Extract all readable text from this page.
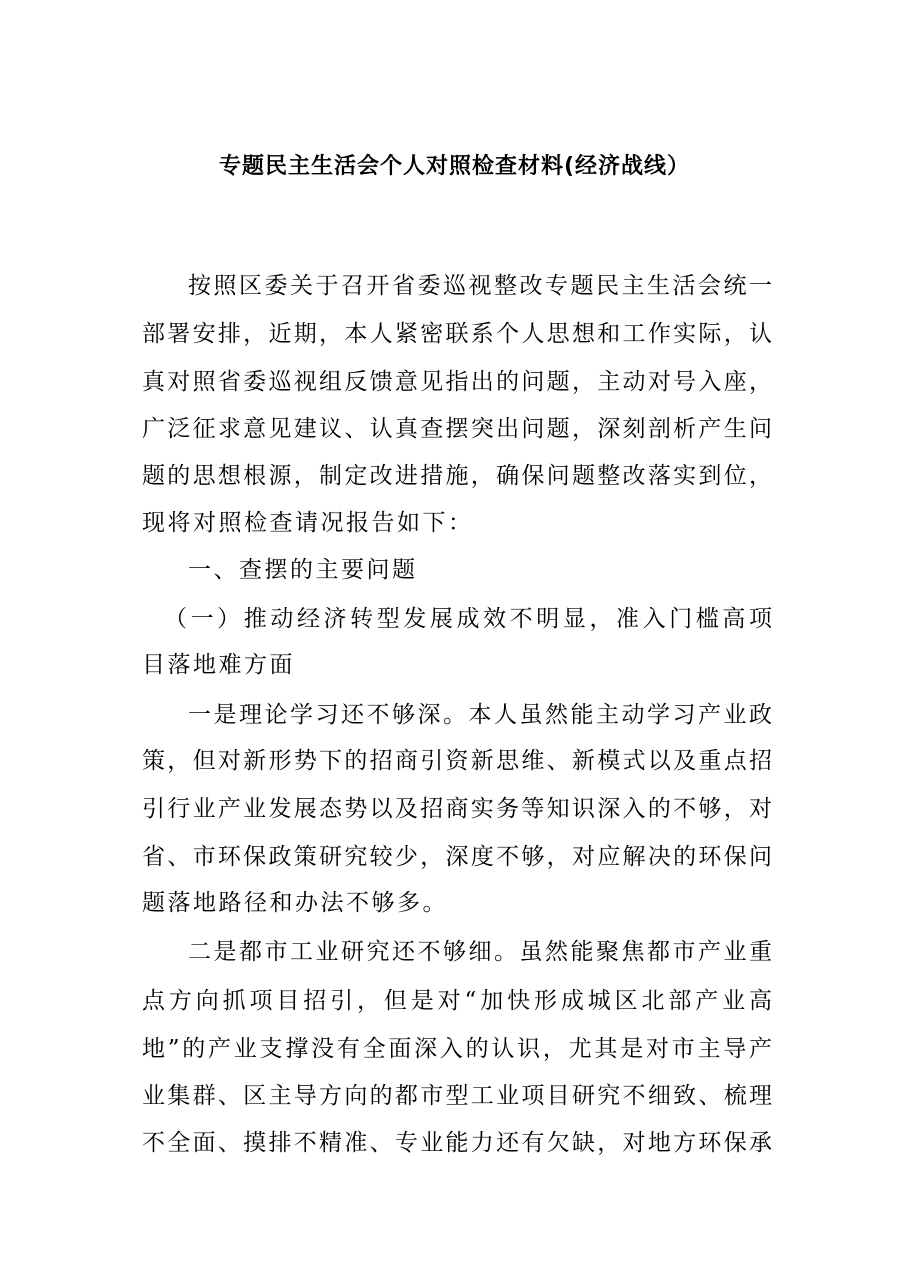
专题民主生活会个人对照检查材料(经济战线）

按照区委关于召开省委巡视整改专题民主生活会统一

部署安排，近期，本人紧密联系个人思想和工作实际，认

真对照省委巡视组反馈意见指出的问题，主动对号入座，

广泛征求意见建议、认真查摆突出问题，深刻剖析产生问

题的思想根源，制定改进措施，确保问题整改落实到位，

现将对照检查请况报告如下：

一、查摆的主要问题

（一）推动经济转型发展成效不明显，准入门槛高项

目落地难方面

一是理论学习还不够深。本人虽然能主动学习产业政

策，但对新形势下的招商引资新思维、新模式以及重点招

引行业产业发展态势以及招商实务等知识深入的不够，对

省、市环保政策研究较少，深度不够，对应解决的环保问

题落地路径和办法不够多。

二是都市工业研究还不够细。虽然能聚焦都市产业重

点方向抓项目招引，但是对“加快形成城区北部产业高

地”的产业支撑没有全面深入的认识，尤其是对市主导产

业集群、区主导方向的都市型工业项目研究不细致、梳理

不全面、摸排不精准、专业能力还有欠缺，对地方环保承
